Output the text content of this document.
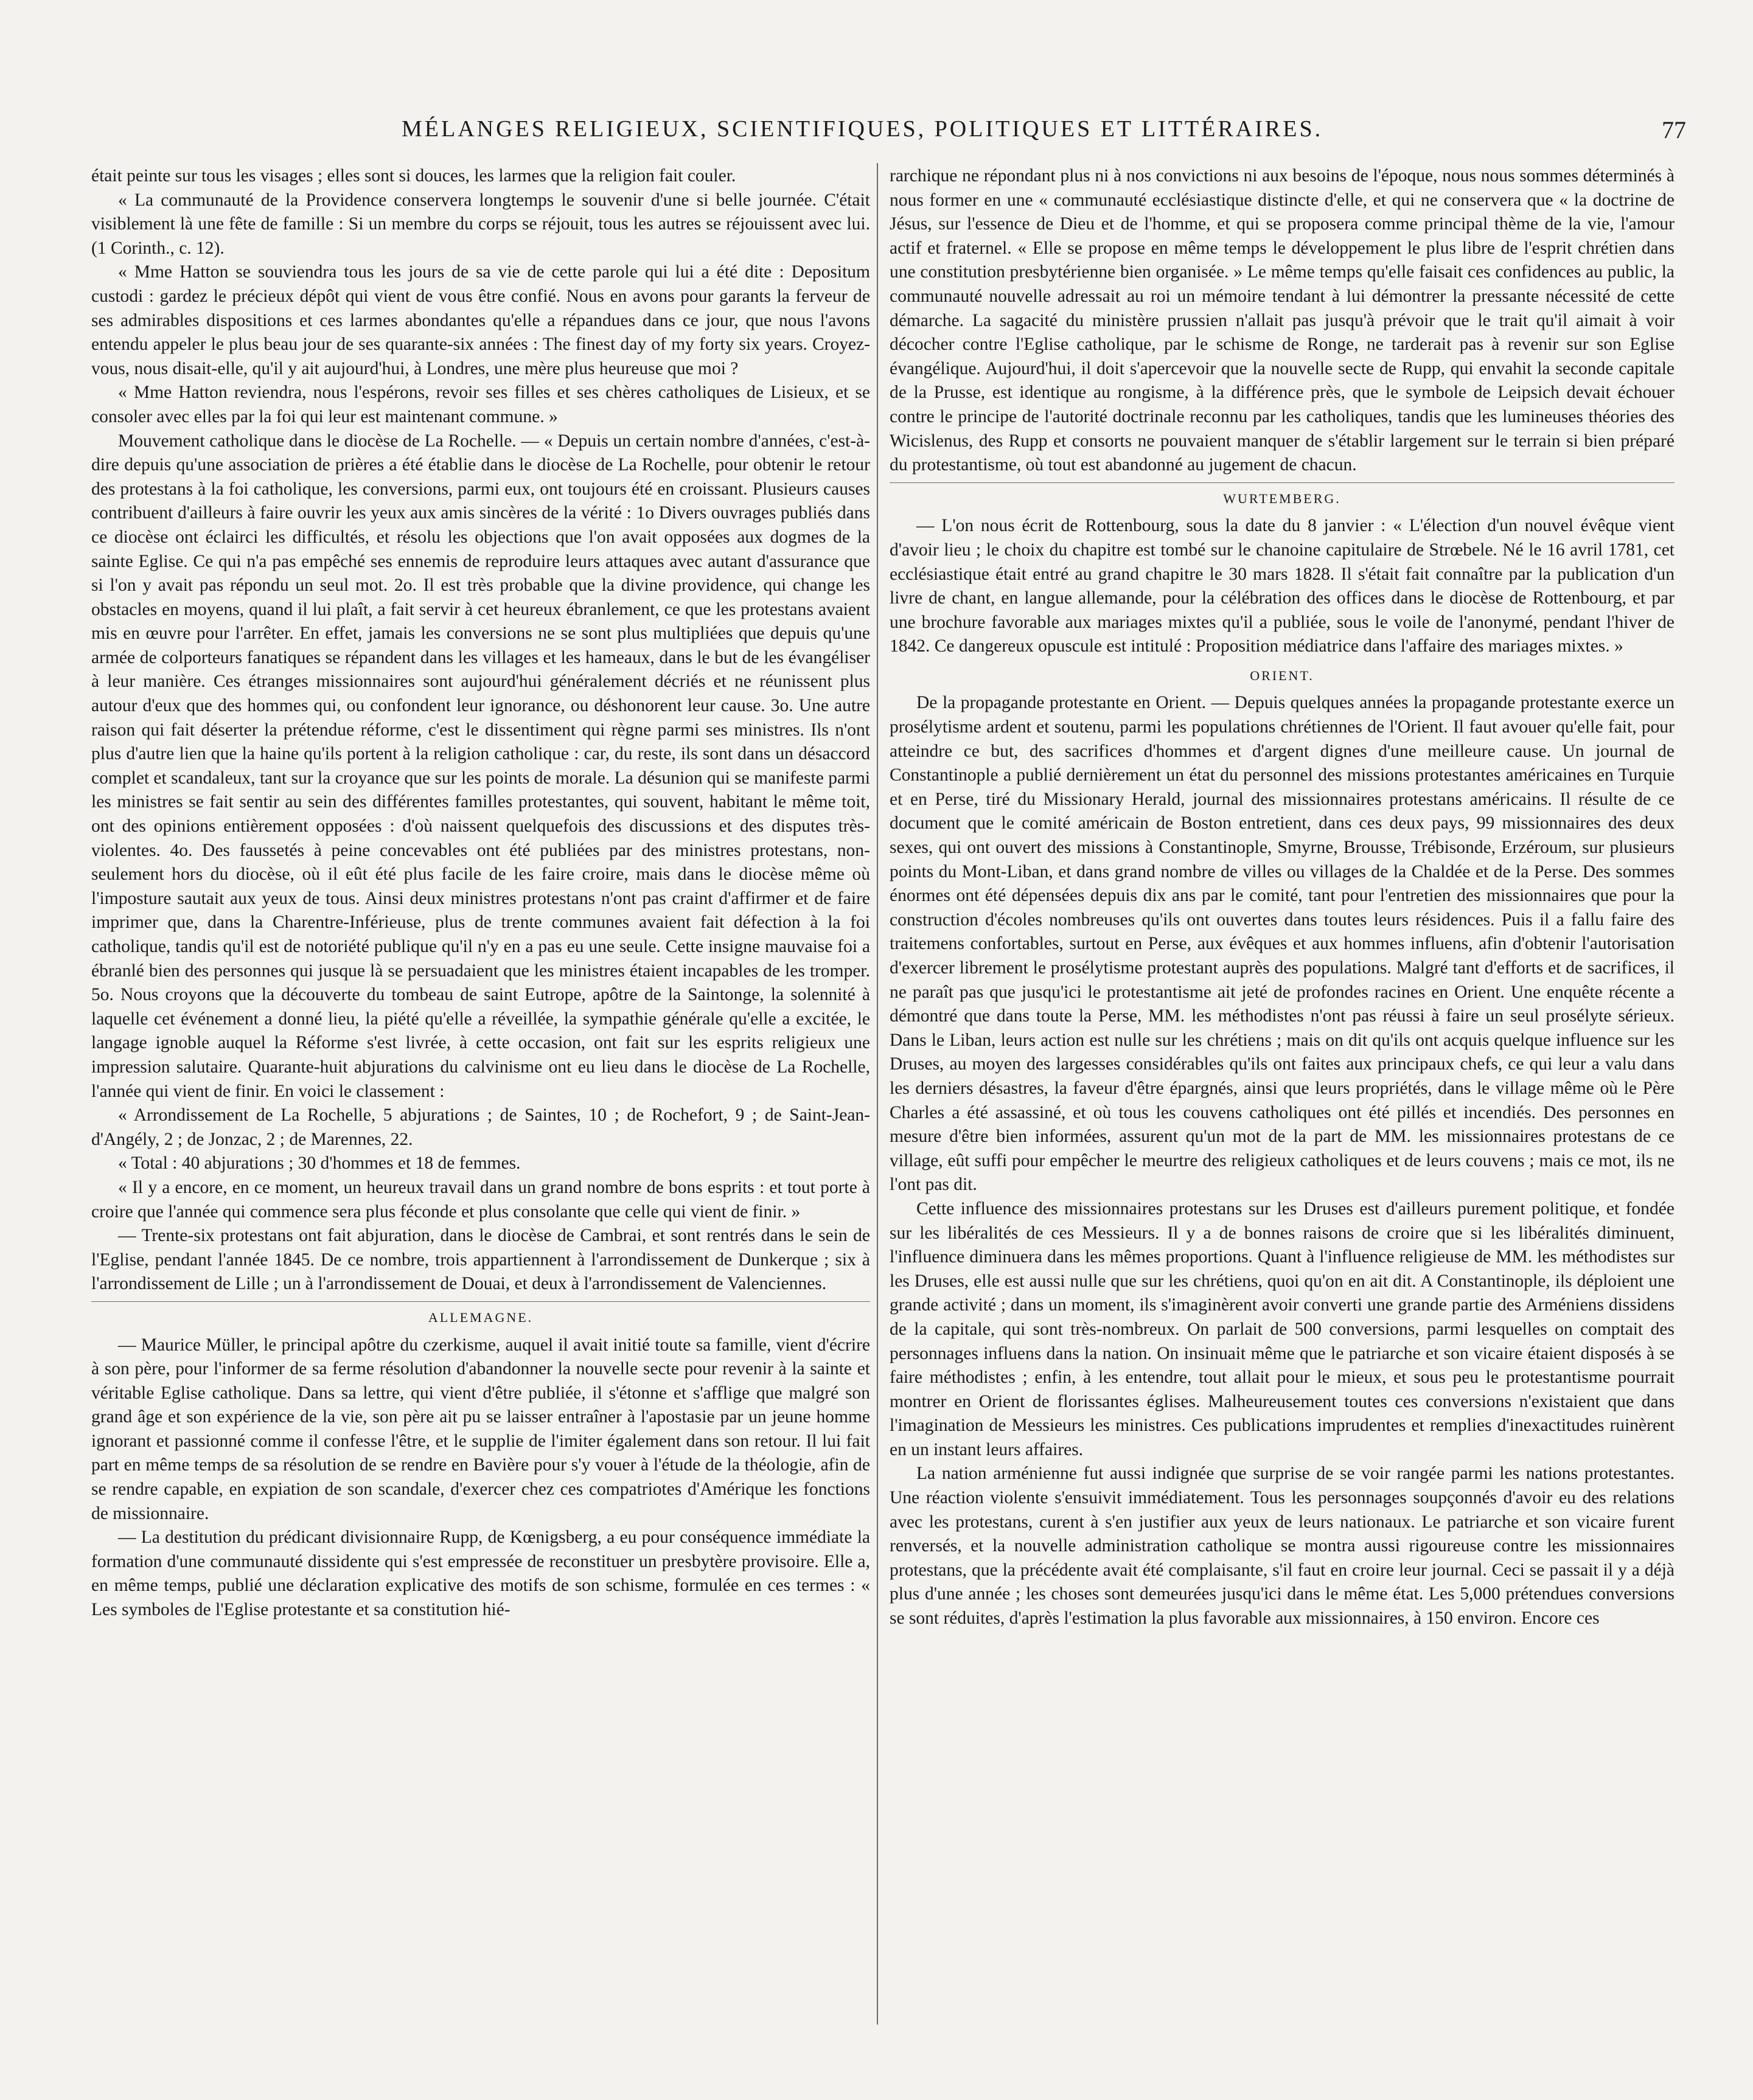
MÉLANGES RELIGIEUX, SCIENTIFIQUES, POLITIQUES ET LITTÉRAIRES.	77

était peinte sur tous les visages ; elles sont si douces, les larmes que la religion fait couler.

« La communauté de la Providence conservera longtemps le souvenir d'une si belle journée. C'était visiblement là une fête de famille : Si un membre du corps se réjouit, tous les autres se réjouissent avec lui. (1 Corinth., c. 12).

« Mme Hatton se souviendra tous les jours de sa vie de cette parole qui lui a été dite : Depositum custodi : gardez le précieux dépôt qui vient de vous être confié. Nous en avons pour garants la ferveur de ses admirables dispositions et ces larmes abondantes qu'elle a répandues dans ce jour, que nous l'avons entendu appeler le plus beau jour de ses quarante-six années : The finest day of my forty six years. Croyez-vous, nous disait-elle, qu'il y ait aujourd'hui, à Londres, une mère plus heureuse que moi ?

« Mme Hatton reviendra, nous l'espérons, revoir ses filles et ses chères catholiques de Lisieux, et se consoler avec elles par la foi qui leur est maintenant commune. »

Mouvement catholique dans le diocèse de La Rochelle. — « Depuis un certain nombre d'années, c'est-à-dire depuis qu'une association de prières a été établie dans le diocèse de La Rochelle, pour obtenir le retour des protestans à la foi catholique, les conversions, parmi eux, ont toujours été en croissant. Plusieurs causes contribuent d'ailleurs à faire ouvrir les yeux aux amis sincères de la vérité : 1o Divers ouvrages publiés dans ce diocèse ont éclairci les difficultés, et résolu les objections que l'on avait opposées aux dogmes de la sainte Eglise. Ce qui n'a pas empêché ses ennemis de reproduire leurs attaques avec autant d'assurance que si l'on y avait pas répondu un seul mot. 2o. Il est très probable que la divine providence, qui change les obstacles en moyens, quand il lui plaît, a fait servir à cet heureux ébranlement, ce que les protestans avaient mis en œuvre pour l'arrêter. En effet, jamais les conversions ne se sont plus multipliées que depuis qu'une armée de colporteurs fanatiques se répandent dans les villages et les hameaux, dans le but de les évangéliser à leur manière. Ces étranges missionnaires sont aujourd'hui généralement décriés et ne réunissent plus autour d'eux que des hommes qui, ou confondent leur ignorance, ou déshonorent leur cause. 3o. Une autre raison qui fait déserter la prétendue réforme, c'est le dissentiment qui règne parmi ses ministres. Ils n'ont plus d'autre lien que la haine qu'ils portent à la religion catholique : car, du reste, ils sont dans un désaccord complet et scandaleux, tant sur la croyance que sur les points de morale. La désunion qui se manifeste parmi les ministres se fait sentir au sein des différentes familles protestantes, qui souvent, habitant le même toit, ont des opinions entièrement opposées : d'où naissent quelquefois des discussions et des disputes très-violentes. 4o. Des faussetés à peine concevables ont été publiées par des ministres protestans, non-seulement hors du diocèse, où il eût été plus facile de les faire croire, mais dans le diocèse même où l'imposture sautait aux yeux de tous. Ainsi deux ministres protestans n'ont pas craint d'affirmer et de faire imprimer que, dans la Charentre-Inférieuse, plus de trente communes avaient fait défection à la foi catholique, tandis qu'il est de notoriété publique qu'il n'y en a pas eu une seule. Cette insigne mauvaise foi a ébranlé bien des personnes qui jusque là se persuadaient que les ministres étaient incapables de les tromper. 5o. Nous croyons que la découverte du tombeau de saint Eutrope, apôtre de la Saintonge, la solennité à laquelle cet événement a donné lieu, la piété qu'elle a réveillée, la sympathie générale qu'elle a excitée, le langage ignoble auquel la Réforme s'est livrée, à cette occasion, ont fait sur les esprits religieux une impression salutaire. Quarante-huit abjurations du calvinisme ont eu lieu dans le diocèse de La Rochelle, l'année qui vient de finir. En voici le classement :

« Arrondissement de La Rochelle, 5 abjurations ; de Saintes, 10 ; de Rochefort, 9 ; de Saint-Jean-d'Angély, 2 ; de Jonzac, 2 ; de Marennes, 22.

« Total : 40 abjurations ; 30 d'hommes et 18 de femmes.

« Il y a encore, en ce moment, un heureux travail dans un grand nombre de bons esprits : et tout porte à croire que l'année qui commence sera plus féconde et plus consolante que celle qui vient de finir. »

— Trente-six protestans ont fait abjuration, dans le diocèse de Cambrai, et sont rentrés dans le sein de l'Eglise, pendant l'année 1845. De ce nombre, trois appartiennent à l'arrondissement de Dunkerque ; six à l'arrondissement de Lille ; un à l'arrondissement de Douai, et deux à l'arrondissement de Valenciennes.

ALLEMAGNE.

— Maurice Müller, le principal apôtre du czerkisme, auquel il avait initié toute sa famille, vient d'écrire à son père, pour l'informer de sa ferme résolution d'abandonner la nouvelle secte pour revenir à la sainte et véritable Eglise catholique. Dans sa lettre, qui vient d'être publiée, il s'étonne et s'afflige que malgré son grand âge et son expérience de la vie, son père ait pu se laisser entraîner à l'apostasie par un jeune homme ignorant et passionné comme il confesse l'être, et le supplie de l'imiter également dans son retour. Il lui fait part en même temps de sa résolution de se rendre en Bavière pour s'y vouer à l'étude de la théologie, afin de se rendre capable, en expiation de son scandale, d'exercer chez ces compatriotes d'Amérique les fonctions de missionnaire.

— La destitution du prédicant divisionnaire Rupp, de Kœnigsberg, a eu pour conséquence immédiate la formation d'une communauté dissidente qui s'est empressée de reconstituer un presbytère provisoire. Elle a, en même temps, publié une déclaration explicative des motifs de son schisme, formulée en ces termes : « Les symboles de l'Eglise protestante et sa constitution hié-

rarchique ne répondant plus ni à nos convictions ni aux besoins de l'époque, nous nous sommes déterminés à nous former en une « communauté ecclésiastique distincte d'elle, et qui ne conservera que « la doctrine de Jésus, sur l'essence de Dieu et de l'homme, et qui se proposera comme principal thème de la vie, l'amour actif et fraternel. « Elle se propose en même temps le développement le plus libre de l'esprit chrétien dans une constitution presbytérienne bien organisée. » Le même temps qu'elle faisait ces confidences au public, la communauté nouvelle adressait au roi un mémoire tendant à lui démontrer la pressante nécessité de cette démarche. La sagacité du ministère prussien n'allait pas jusqu'à prévoir que le trait qu'il aimait à voir décocher contre l'Eglise catholique, par le schisme de Ronge, ne tarderait pas à revenir sur son Eglise évangélique. Aujourd'hui, il doit s'apercevoir que la nouvelle secte de Rupp, qui envahit la seconde capitale de la Prusse, est identique au rongisme, à la différence près, que le symbole de Leipsich devait échouer contre le principe de l'autorité doctrinale reconnu par les catholiques, tandis que les lumineuses théories des Wicislenus, des Rupp et consorts ne pouvaient manquer de s'établir largement sur le terrain si bien préparé du protestantisme, où tout est abandonné au jugement de chacun.

WURTEMBERG.

— L'on nous écrit de Rottenbourg, sous la date du 8 janvier : « L'élection d'un nouvel évêque vient d'avoir lieu ; le choix du chapitre est tombé sur le chanoine capitulaire de Strœbele. Né le 16 avril 1781, cet ecclésiastique était entré au grand chapitre le 30 mars 1828. Il s'était fait connaître par la publication d'un livre de chant, en langue allemande, pour la célébration des offices dans le diocèse de Rottenbourg, et par une brochure favorable aux mariages mixtes qu'il a publiée, sous le voile de l'anonymé, pendant l'hiver de 1842. Ce dangereux opuscule est intitulé : Proposition médiatrice dans l'affaire des mariages mixtes. »

ORIENT.

De la propagande protestante en Orient. — Depuis quelques années la propagande protestante exerce un prosélytisme ardent et soutenu, parmi les populations chrétiennes de l'Orient. Il faut avouer qu'elle fait, pour atteindre ce but, des sacrifices d'hommes et d'argent dignes d'une meilleure cause. Un journal de Constantinople a publié dernièrement un état du personnel des missions protestantes américaines en Turquie et en Perse, tiré du Missionary Herald, journal des missionnaires protestans américains. Il résulte de ce document que le comité américain de Boston entretient, dans ces deux pays, 99 missionnaires des deux sexes, qui ont ouvert des missions à Constantinople, Smyrne, Brousse, Trébisonde, Erzéroum, sur plusieurs points du Mont-Liban, et dans grand nombre de villes ou villages de la Chaldée et de la Perse. Des sommes énormes ont été dépensées depuis dix ans par le comité, tant pour l'entretien des missionnaires que pour la construction d'écoles nombreuses qu'ils ont ouvertes dans toutes leurs résidences. Puis il a fallu faire des traitemens confortables, surtout en Perse, aux évêques et aux hommes influens, afin d'obtenir l'autorisation d'exercer librement le prosélytisme protestant auprès des populations. Malgré tant d'efforts et de sacrifices, il ne paraît pas que jusqu'ici le protestantisme ait jeté de profondes racines en Orient. Une enquête récente a démontré que dans toute la Perse, MM. les méthodistes n'ont pas réussi à faire un seul prosélyte sérieux. Dans le Liban, leurs action est nulle sur les chrétiens ; mais on dit qu'ils ont acquis quelque influence sur les Druses, au moyen des largesses considérables qu'ils ont faites aux principaux chefs, ce qui leur a valu dans les derniers désastres, la faveur d'être épargnés, ainsi que leurs propriétés, dans le village même où le Père Charles a été assassiné, et où tous les couvens catholiques ont été pillés et incendiés. Des personnes en mesure d'être bien informées, assurent qu'un mot de la part de MM. les missionnaires protestans de ce village, eût suffi pour empêcher le meurtre des religieux catholiques et de leurs couvens ; mais ce mot, ils ne l'ont pas dit.

Cette influence des missionnaires protestans sur les Druses est d'ailleurs purement politique, et fondée sur les libéralités de ces Messieurs. Il y a de bonnes raisons de croire que si les libéralités diminuent, l'influence diminuera dans les mêmes proportions. Quant à l'influence religieuse de MM. les méthodistes sur les Druses, elle est aussi nulle que sur les chrétiens, quoi qu'on en ait dit. A Constantinople, ils déploient une grande activité ; dans un moment, ils s'imaginèrent avoir converti une grande partie des Arméniens dissidens de la capitale, qui sont très-nombreux. On parlait de 500 conversions, parmi lesquelles on comptait des personnages influens dans la nation. On insinuait même que le patriarche et son vicaire étaient disposés à se faire méthodistes ; enfin, à les entendre, tout allait pour le mieux, et sous peu le protestantisme pourrait montrer en Orient de florissantes églises. Malheureusement toutes ces conversions n'existaient que dans l'imagination de Messieurs les ministres. Ces publications imprudentes et remplies d'inexactitudes ruinèrent en un instant leurs affaires.

La nation arménienne fut aussi indignée que surprise de se voir rangée parmi les nations protestantes. Une réaction violente s'ensuivit immédiatement. Tous les personnages soupçonnés d'avoir eu des relations avec les protestans, curent à s'en justifier aux yeux de leurs nationaux. Le patriarche et son vicaire furent renversés, et la nouvelle administration catholique se montra aussi rigoureuse contre les missionnaires protestans, que la précédente avait été complaisante, s'il faut en croire leur journal. Ceci se passait il y a déjà plus d'une année ; les choses sont demeurées jusqu'ici dans le même état. Les 5,000 prétendues conversions se sont réduites, d'après l'estimation la plus favorable aux missionnaires, à 150 environ. Encore ces
